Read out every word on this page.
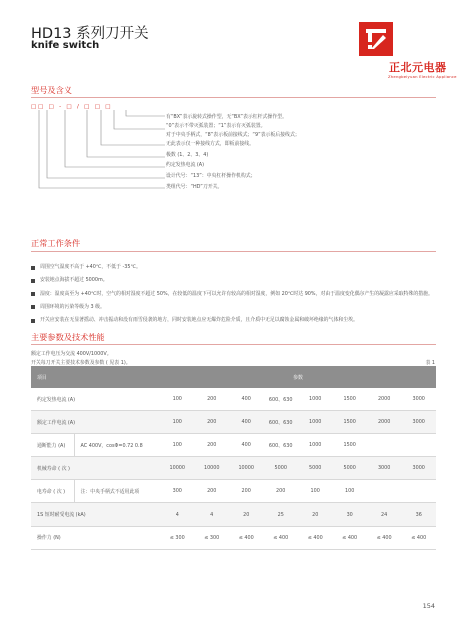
HD13 系列刀开关
knife switch
正北元电器
Zhengbeiyuan Electric Appliance
型号及含义
□□ □ - □ / □ □ □
有“BX”表示旋转式操作型，无“BX”表示杠杆式操作型。
“0”表示不带灭弧装置；“1”表示有灭弧装置。
对于中央手柄式，“8”表示板前接线式；“9”表示板后接线式；
无此表示仅一种接线方式，即板前接线。
极数 (1、2、3、4)
约定发热电流 (A)
设计代号：“13”：中央杠杆操作机构式；
类组代号：“HD”刀开关。
正常工作条件
周围空气温度不高于 +40℃，不低于 -35℃。
安装地点海拔不超过 5000m。
湿度：温度高至为 +40℃时，空气的相对湿度不超过 50%，在较低的温度下可以允许有较高的相对湿度，例如 20℃时达 90%，对由于温度变化偶尔产生的凝露应采取特殊的措施。
周围环境的污染等级为 3 级。
开关应安装在无显著摇动、冲击振动和没有雨雪侵袭的地方，同时安装地点应无爆炸危险介质，且介质中无足以腐蚀金属和破坏绝缘的气体和尘埃。
主要参数及技术性能
额定工作电压为交流 400V/1000V。
开关每刀开关主要技术参数及参数 ( 见表 1)。	表 1
项目		参数							
约定发热电流 (A)		100	200	400	600、630	1000	1500	2000	3000
额定工作电流 (A)		100	200	400	600、630	1000	1500	2000	3000
通断能力 (A)	AC 400V，cosΦ=0.72 0.8	100	200	400	600、630	1000	1500		
机械寿命 ( 次 )		10000	10000	10000	5000	5000	5000	3000	3000
电寿命 ( 次 )	注：中央手柄式不适用此项	300	200	200	200	100	100		
1S 短时耐受电流 (kA)		4	4	20	25	20	30	24	36
操作力 (N)		≤ 300	≤ 300	≤ 400	≤ 400	≤ 400	≤ 400	≤ 400	≤ 400
154
